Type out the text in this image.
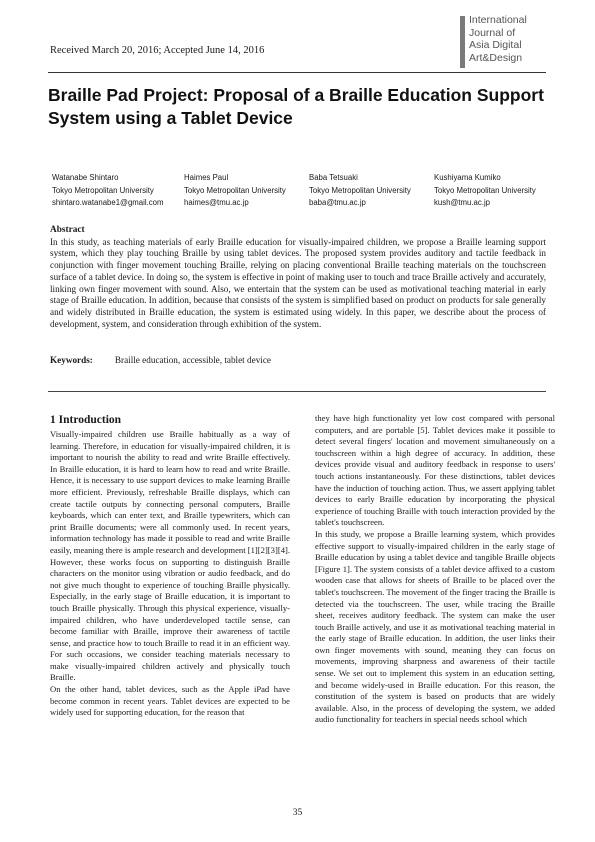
Received March 20, 2016; Accepted June 14, 2016
International
Journal of
Asia Digital
Art&Design
Braille Pad Project: Proposal of a Braille Education Support System using a Tablet Device
Watanabe Shintaro
Tokyo Metropolitan University
shintaro.watanabe1@gmail.com
Haimes Paul
Tokyo Metropolitan University
haimes@tmu.ac.jp
Baba Tetsuaki
Tokyo Metropolitan University
baba@tmu.ac.jp
Kushiyama Kumiko
Tokyo Metropolitan University
kush@tmu.ac.jp
Abstract

In this study, as teaching materials of early Braille education for visually-impaired children, we propose a Braille learning support system, which they play touching Braille by using tablet devices. The proposed system provides auditory and tactile feedback in conjunction with finger movement touching Braille, relying on placing conventional Braille teaching materials on the touchscreen surface of a tablet device. In doing so, the system is effective in point of making user to touch and trace Braille actively and accurately, linking own finger movement with sound. Also, we entertain that the system can be used as motivational teaching material in early stage of Braille education. In addition, because that consists of the system is simplified based on product on products for sale generally and widely distributed in Braille education, the system is estimated using widely. In this paper, we describe about the process of development, system, and consideration through exhibition of the system.

Keywords: Braille education, accessible, tablet device
1 Introduction

Visually-impaired children use Braille habitually as a way of learning. Therefore, in education for visually-impaired children, it is important to nourish the ability to read and write Braille effectively. In Braille education, it is hard to learn how to read and write Braille. Hence, it is necessary to use support devices to make learning Braille more efficient. Previously, refreshable Braille displays, which can create tactile outputs by connecting personal computers, Braille keyboards, which can enter text, and Braille typewriters, which can print Braille documents; were all commonly used. In recent years, information technology has made it possible to read and write Braille easily, meaning there is ample research and development [1][2][3][4]. However, these works focus on supporting to distinguish Braille characters on the monitor using vibration or audio feedback, and do not give much thought to experience of touching Braille physically. Especially, in the early stage of Braille education, it is important to touch Braille physically. Through this physical experience, visually-impaired children, who have underdeveloped tactile sense, can become familiar with Braille, improve their awareness of tactile sense, and practice how to touch Braille to read it in an efficient way. For such occasions, we consider teaching materials necessary to make visually-impaired children actively and physically touch Braille.

On the other hand, tablet devices, such as the Apple iPad have become common in recent years. Tablet devices are expected to be widely used for supporting education, for the reason that

they have high functionality yet low cost compared with personal computers, and are portable [5]. Tablet devices make it possible to detect several fingers' location and movement simultaneously on a touchscreen within a high degree of accuracy. In addition, these devices provide visual and auditory feedback in response to users' touch actions instantaneously. For these distinctions, tablet devices have the induction of touching action. Thus, we assert applying tablet devices to early Braille education by incorporating the physical experience of touching Braille with touch interaction provided by the tablet's touchscreen.

In this study, we propose a Braille learning system, which provides effective support to visually-impaired children in the early stage of Braille education by using a tablet device and tangible Braille objects [Figure 1]. The system consists of a tablet device affixed to a custom wooden case that allows for sheets of Braille to be placed over the tablet's touchscreen. The movement of the finger tracing the Braille is detected via the touchscreen. The user, while tracing the Braille sheet, receives auditory feedback. The system can make the user touch Braille actively, and use it as motivational teaching material in the early stage of Braille education. In addition, the user links their own finger movements with sound, meaning they can focus on movements, improving sharpness and awareness of their tactile sense. We set out to implement this system in an education setting, and become widely-used in Braille education. For this reason, the constitution of the system is based on products that are widely available. Also, in the process of developing the system, we added audio functionality for teachers in special needs school which

35
